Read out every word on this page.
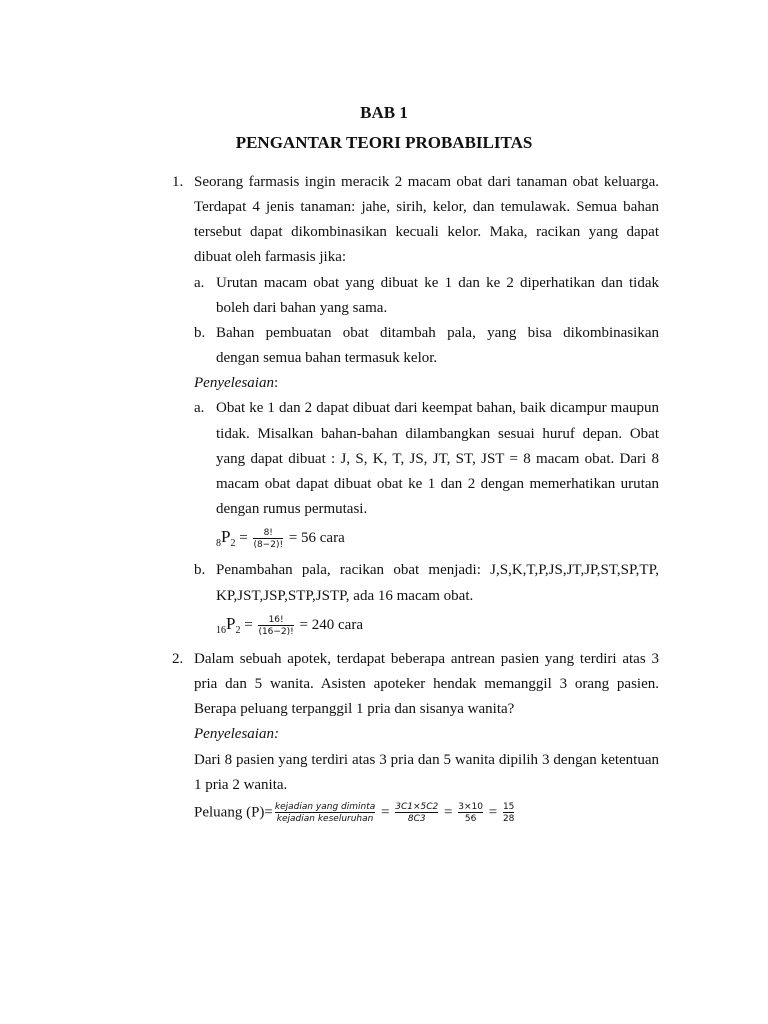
BAB 1
PENGANTAR TEORI PROBABILITAS
1. Seorang farmasis ingin meracik 2 macam obat dari tanaman obat keluarga.
Terdapat 4 jenis tanaman: jahe, sirih, kelor, dan temulawak. Semua bahan
tersebut dapat dikombinasikan kecuali kelor. Maka, racikan yang dapat
dibuat oleh farmasis jika:
a. Urutan macam obat yang dibuat ke 1 dan ke 2 diperhatikan dan tidak
boleh dari bahan yang sama.
b. Bahan pembuatan obat ditambah pala, yang bisa dikombinasikan
dengan semua bahan termasuk kelor.
Penyelesaian:
a. Obat ke 1 dan 2 dapat dibuat dari keempat bahan, baik dicampur maupun
tidak. Misalkan bahan-bahan dilambangkan sesuai huruf depan. Obat
yang dapat dibuat : J, S, K, T, JS, JT, ST, JST = 8 macam obat. Dari 8
macam obat dapat dibuat obat ke 1 dan 2 dengan memerhatikan urutan
dengan rumus permutasi.
$_8P_2 = \frac{8!}{(8-2)!} = 56$ cara
b. Penambahan pala, racikan obat menjadi: J,S,K,T,P,JS,JT,JP,ST,SP,TP,
KP,JST,JSP,STP,JSTP, ada 16 macam obat.
$_{16}P_2 = \frac{16!}{(16-2)!} = 240$ cara
2. Dalam sebuah apotek, terdapat beberapa antrean pasien yang terdiri atas 3
pria dan 5 wanita. Asisten apoteker hendak memanggil 3 orang pasien.
Berapa peluang terpanggil 1 pria dan sisanya wanita?
Penyelesaian:
Dari 8 pasien yang terdiri atas 3 pria dan 5 wanita dipilih 3 dengan ketentuan
1 pria 2 wanita.
Peluang $(P)= \frac{\text{kejadian yang diminta}}{\text{kejadian keseluruhan}} = \frac{3C1\times 5C2}{8C3} = \frac{3\times 10}{56} = \frac{15}{28}$
